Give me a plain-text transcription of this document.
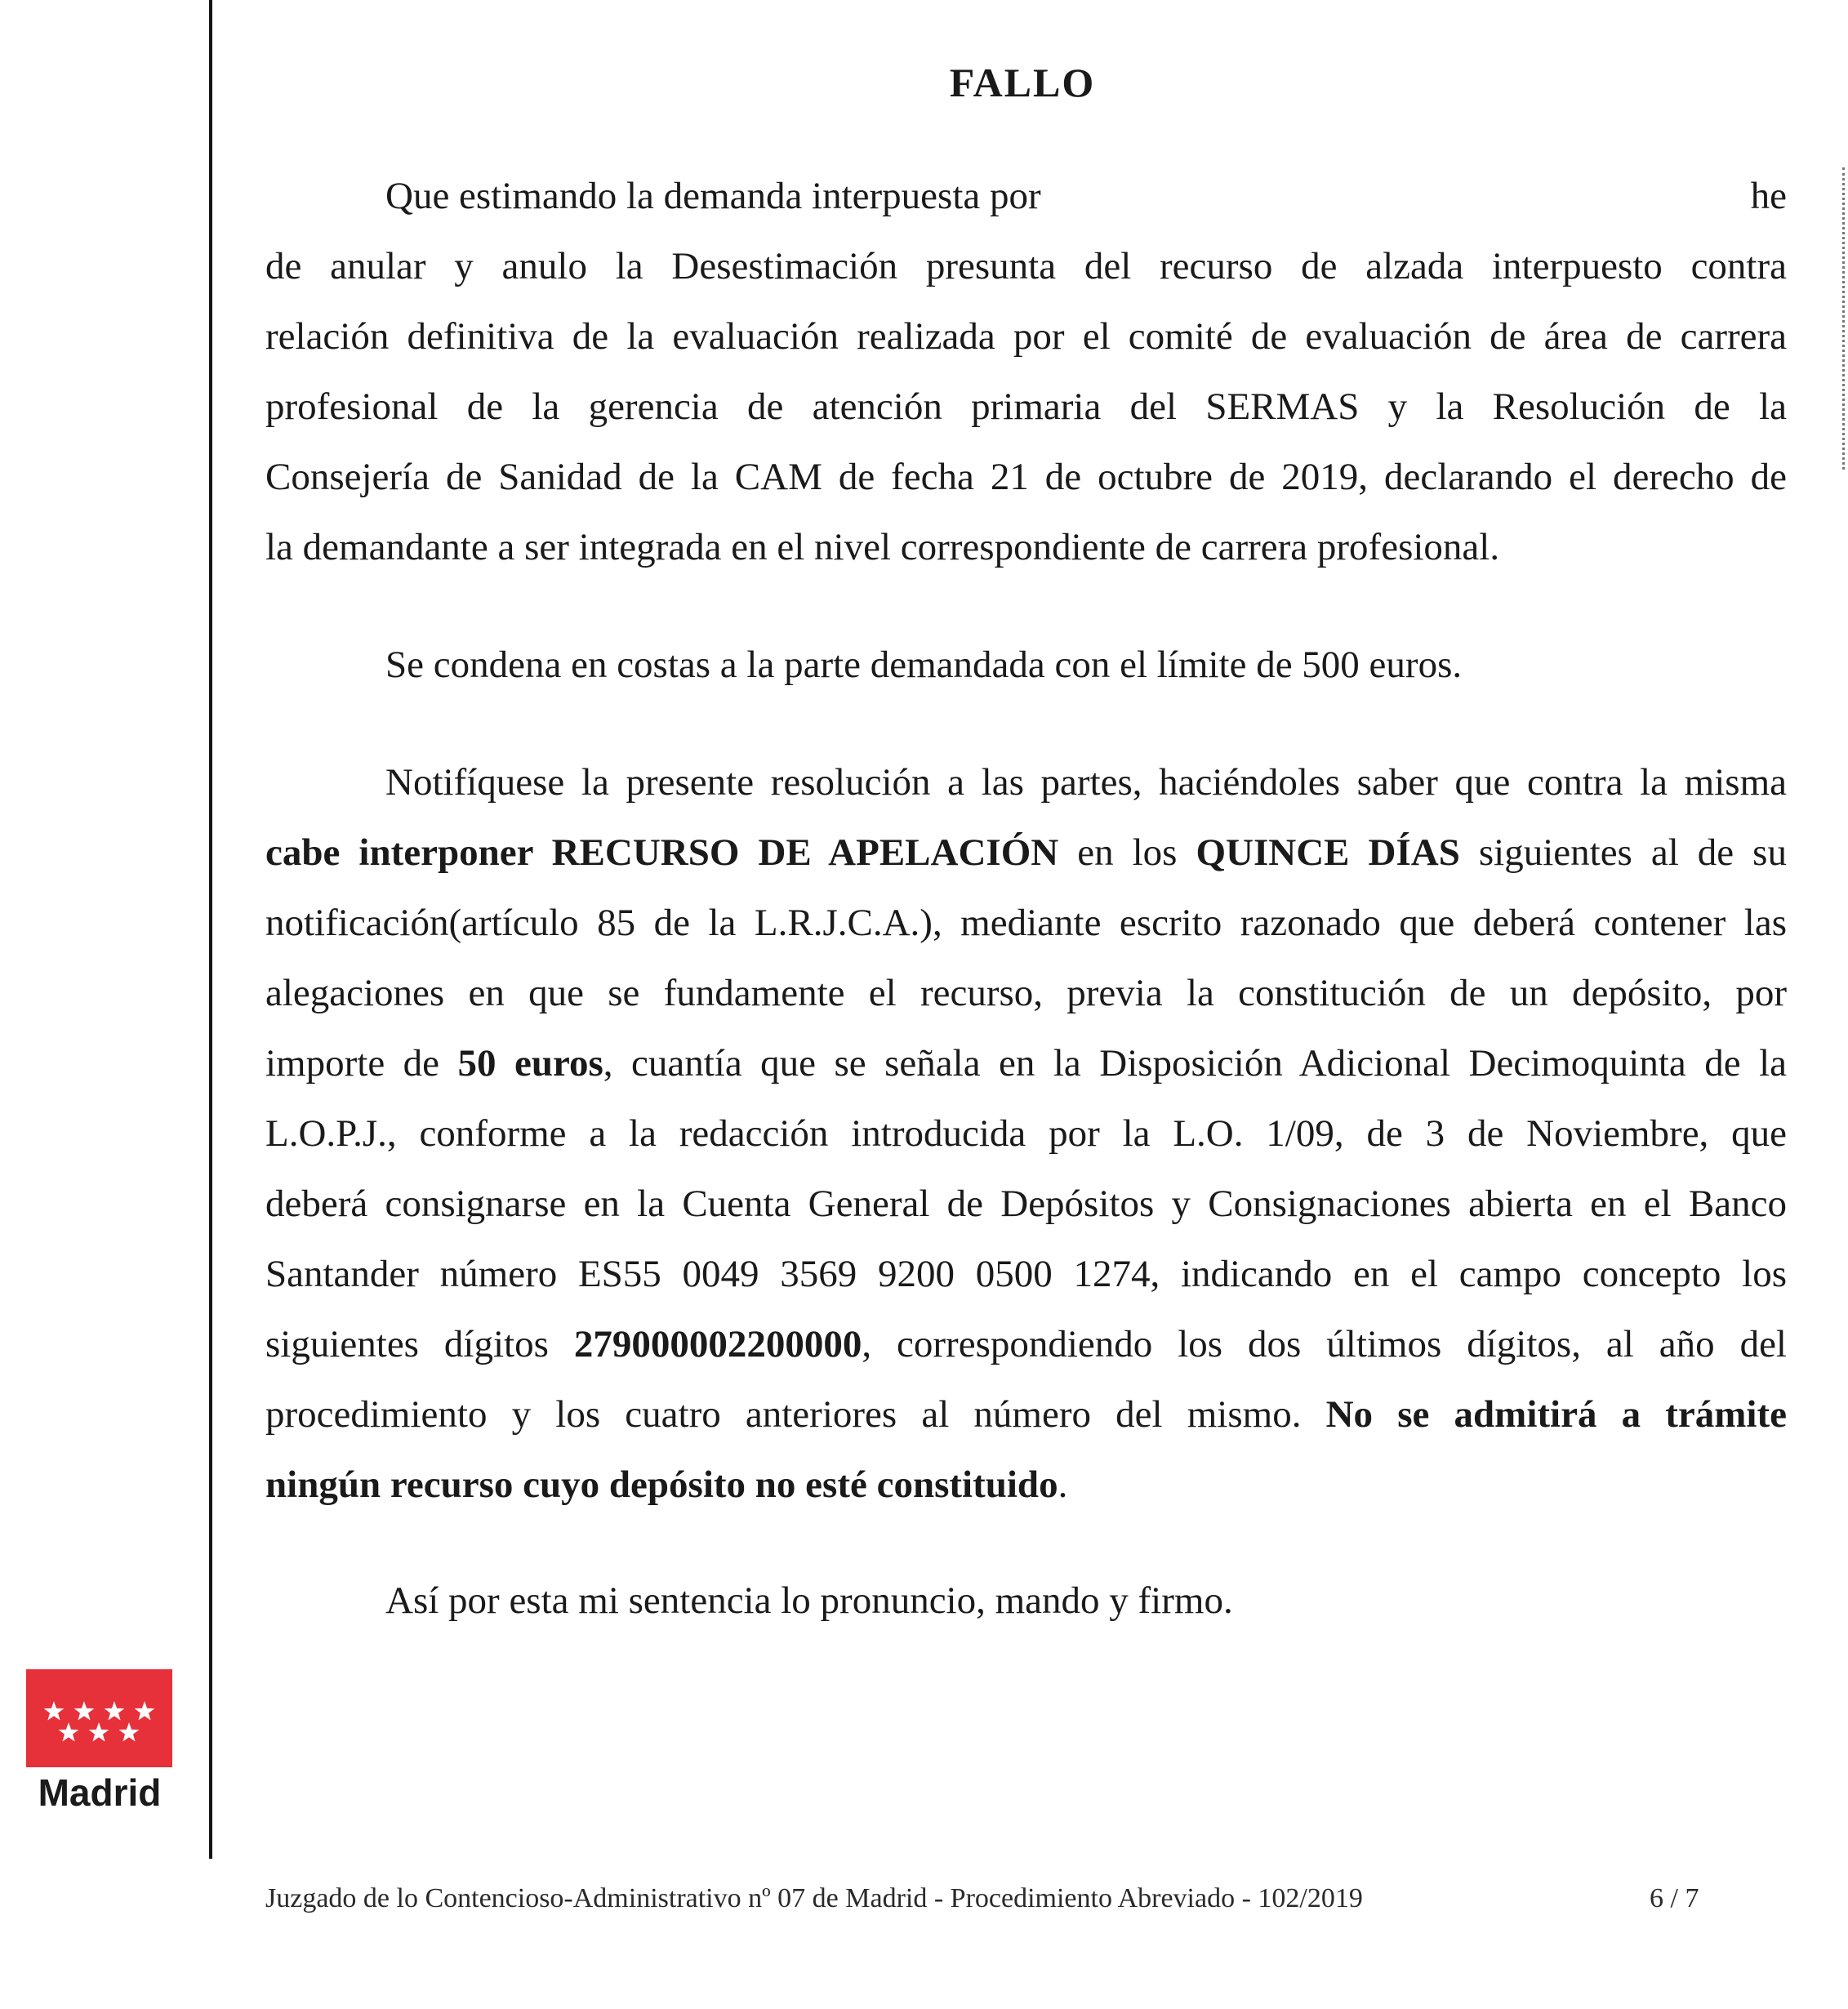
FALLO
Que estimando la demanda interpuesta por	he
de anular y anulo la Desestimación presunta del recurso de alzada interpuesto contra
relación definitiva de la evaluación realizada por el comité de evaluación de área de carrera
profesional de la gerencia de atención primaria del SERMAS y la Resolución de la
Consejería de Sanidad de la CAM de fecha 21 de octubre de 2019, declarando el derecho de
la demandante a ser integrada en el nivel correspondiente de carrera profesional.
Se condena en costas a la parte demandada con el límite de 500 euros.
Notifíquese la presente resolución a las partes, haciéndoles saber que contra la misma
cabe interponer RECURSO DE APELACIÓN en los QUINCE DÍAS siguientes al de su
notificación(artículo 85 de la L.R.J.C.A.), mediante escrito razonado que deberá contener las
alegaciones en que se fundamente el recurso, previa la constitución de un depósito, por
importe de 50 euros, cuantía que se señala en la Disposición Adicional Decimoquinta de la
L.O.P.J., conforme a la redacción introducida por la L.O. 1/09, de 3 de Noviembre, que
deberá consignarse en la Cuenta General de Depósitos y Consignaciones abierta en el Banco
Santander número ES55 0049 3569 9200 0500 1274, indicando en el campo concepto los
siguientes dígitos 279000002200000, correspondiendo los dos últimos dígitos, al año del
procedimiento y los cuatro anteriores al número del mismo. No se admitirá a trámite
ningún recurso cuyo depósito no esté constituido.
Así por esta mi sentencia lo pronuncio, mando y firmo.
Madrid
Juzgado de lo Contencioso-Administrativo nº 07 de Madrid - Procedimiento Abreviado - 102/2019	6 / 7
